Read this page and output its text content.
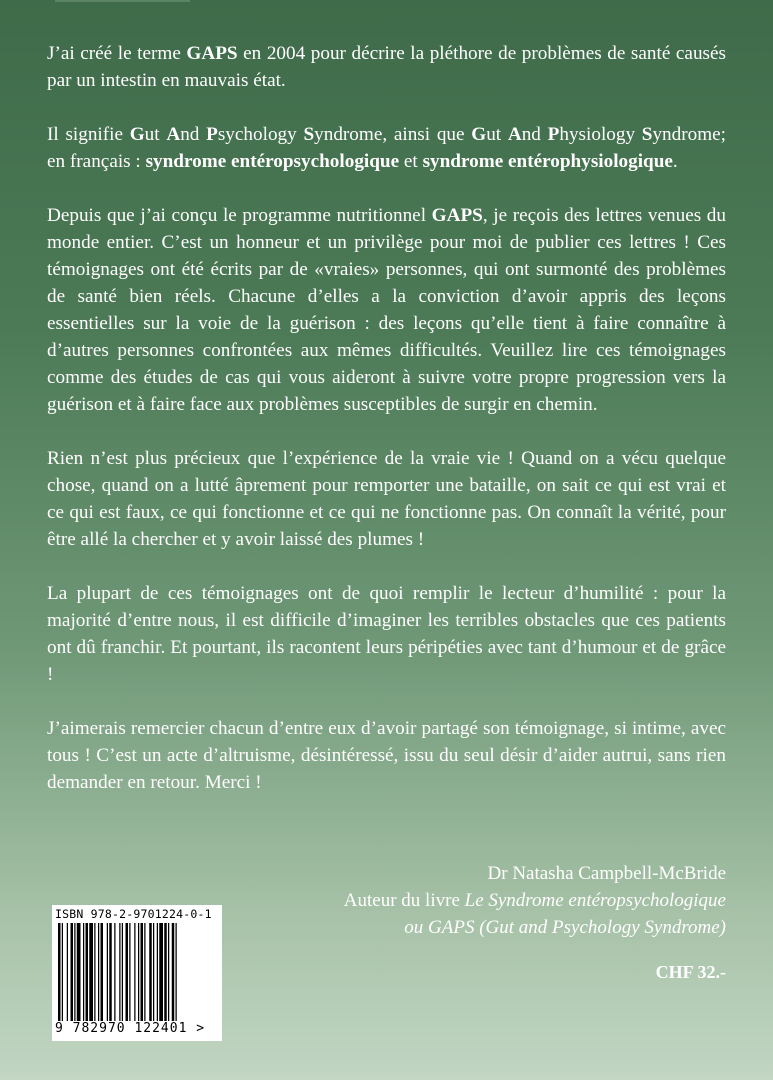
J’ai créé le terme GAPS en 2004 pour décrire la pléthore de problèmes de santé causés par un intestin en mauvais état.

Il signifie Gut And Psychology Syndrome, ainsi que Gut And Physiology Syndrome; en français : syndrome entéropsychologique et syndrome entérophysiologique.

Depuis que j’ai conçu le programme nutritionnel GAPS, je reçois des lettres venues du monde entier. C’est un honneur et un privilège pour moi de publier ces lettres ! Ces témoignages ont été écrits par de «vraies» personnes, qui ont surmonté des problèmes de santé bien réels. Chacune d’elles a la conviction d’avoir appris des leçons essentielles sur la voie de la guérison : des leçons qu’elle tient à faire connaître à d’autres personnes confrontées aux mêmes difficultés. Veuillez lire ces témoignages comme des études de cas qui vous aideront à suivre votre propre progression vers la guérison et à faire face aux problèmes susceptibles de surgir en chemin.

Rien n’est plus précieux que l’expérience de la vraie vie ! Quand on a vécu quelque chose, quand on a lutté âprement pour remporter une bataille, on sait ce qui est vrai et ce qui est faux, ce qui fonctionne et ce qui ne fonctionne pas. On connaît la vérité, pour être allé la chercher et y avoir laissé des plumes !

La plupart de ces témoignages ont de quoi remplir le lecteur d’humilité : pour la majorité d’entre nous, il est difficile d’imaginer les terribles obstacles que ces patients ont dû franchir. Et pourtant, ils racontent leurs péripéties avec tant d’humour et de grâce !

J’aimerais remercier chacun d’entre eux d’avoir partagé son témoignage, si intime, avec tous ! C’est un acte d’altruisme, désintéressé, issu du seul désir d’aider autrui, sans rien demander en retour. Merci !

Dr Natasha Campbell-McBride
Auteur du livre Le Syndrome entéropsychologique
ou GAPS (Gut and Psychology Syndrome)
CHF 32.-
ISBN 978-2-9701224-0-1
9 782970 122401 >
